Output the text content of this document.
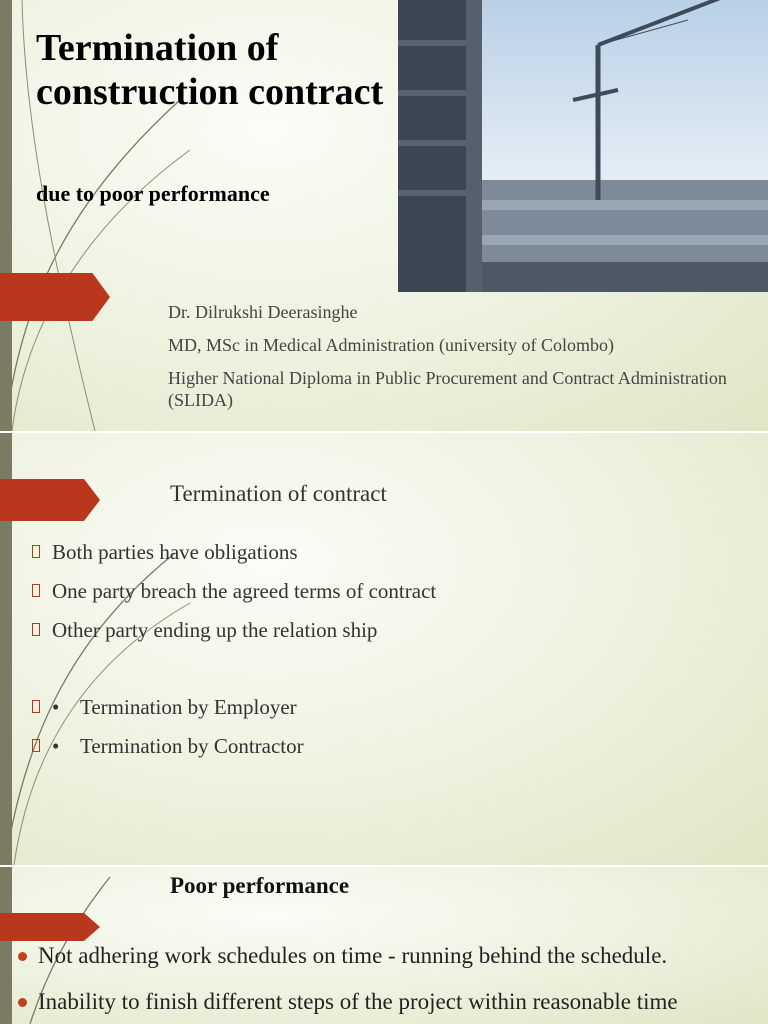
Termination of construction contract
due to poor performance
Dr. Dilrukshi Deerasinghe
MD, MSc in Medical Administration (university of Colombo)
Higher National Diploma in Public Procurement and Contract Administration (SLIDA)
Termination of contract
Both parties have obligations
One party breach the agreed terms of contract
Other party ending up the relation ship
• Termination by Employer
• Termination by Contractor
Poor performance
Not adhering work schedules on time - running behind the schedule.
Inability to finish different steps of the project within reasonable time
